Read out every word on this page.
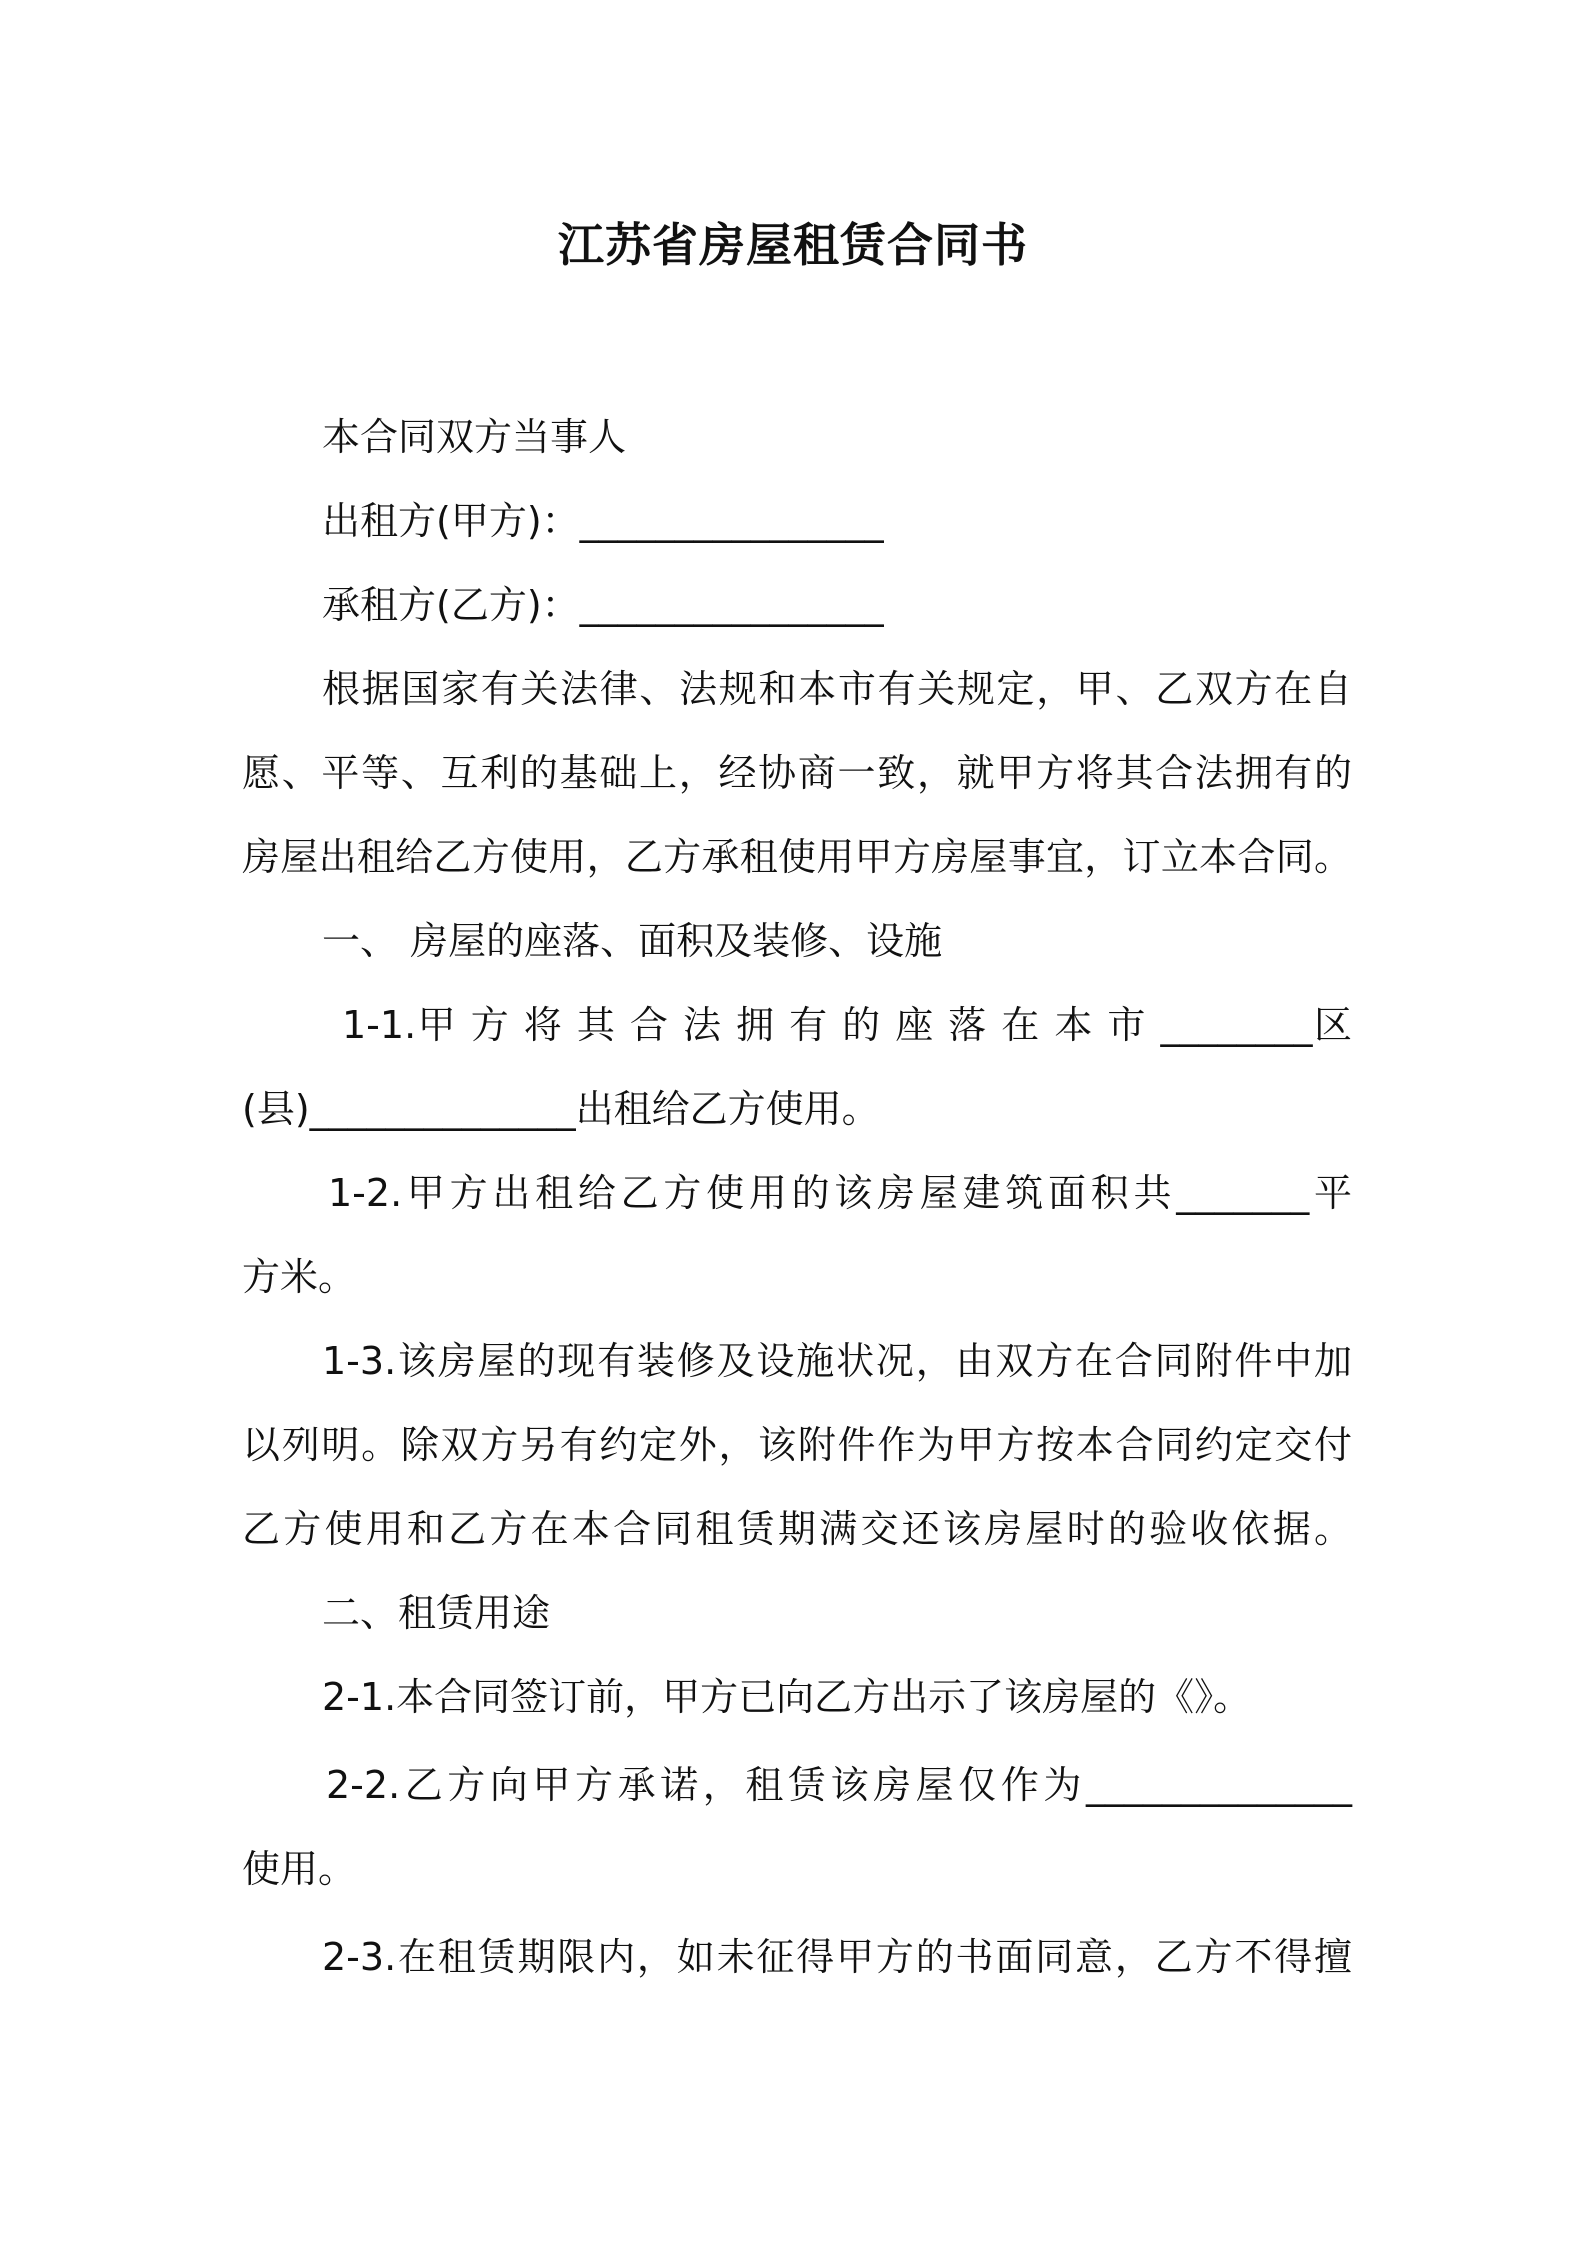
江苏省房屋租赁合同书
本合同双方当事人
出租方(甲方)：________________
承租方(乙方)：________________
根据国家有关法律、法规和本市有关规定，甲、乙双方在自
愿、平等、互利的基础上，经协商一致，就甲方将其合法拥有的
房屋出租给乙方使用，乙方承租使用甲方房屋事宜，订立本合同。
一、 房屋的座落、面积及装修、设施
1-1.甲 方 将 其 合 法 拥 有 的 座 落 在 本 市 ________区
(县)______________出租给乙方使用。
1-2.甲方出租给乙方使用的该房屋建筑面积共_______平
方米。
1-3.该房屋的现有装修及设施状况，由双方在合同附件中加
以列明。除双方另有约定外，该附件作为甲方按本合同约定交付
乙方使用和乙方在本合同租赁期满交还该房屋时的验收依据。
二、租赁用途
2-1.本合同签订前，甲方已向乙方出示了该房屋的《》。
2-2.乙方向甲方承诺，租赁该房屋仅作为______________
使用。
2-3.在租赁期限内，如未征得甲方的书面同意，乙方不得擅
